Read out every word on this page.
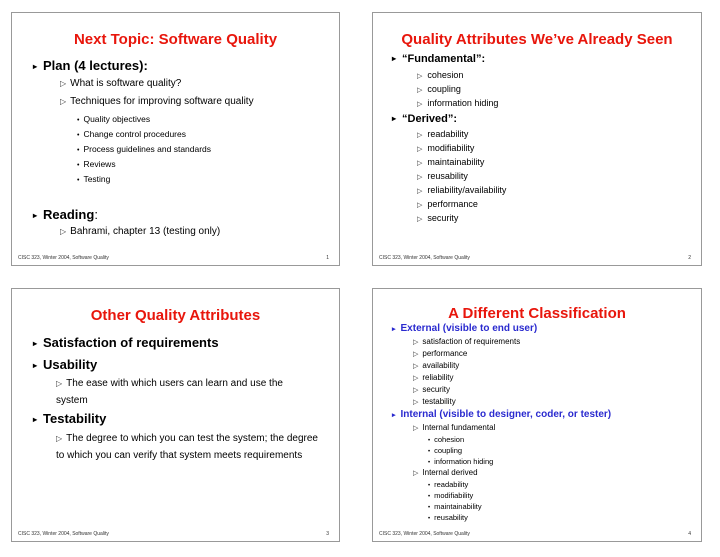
Next Topic: Software Quality
▸ Plan (4 lectures):
▷ What is software quality?
▷ Techniques for improving software quality
• Quality objectives
• Change control procedures
• Process guidelines and standards
• Reviews
• Testing
▸ Reading:
▷ Bahrami, chapter 13 (testing only)
CISC 323, Winter 2004, Software Quality	1
Quality Attributes We’ve Already Seen
▸ “Fundamental”:
▷ cohesion
▷ coupling
▷ information hiding
▸ “Derived”:
▷ readability
▷ modifiability
▷ maintainability
▷ reusability
▷ reliability/availability
▷ performance
▷ security
CISC 323, Winter 2004, Software Quality	2
Other Quality Attributes
▸ Satisfaction of requirements
▸ Usability
▷ The ease with which users can learn and use the system
▸ Testability
▷ The degree to which you can test the system; the degree to which you can verify that system meets requirements
CISC 323, Winter 2004, Software Quality	3
A Different Classification
▸ External (visible to end user)
▷ satisfaction of requirements
▷ performance
▷ availability
▷ reliability
▷ security
▷ testability
▸ Internal (visible to designer, coder, or tester)
▷ Internal fundamental
• cohesion
• coupling
• information hiding
▷ Internal derived
• readability
• modifiability
• maintainability
• reusability
CISC 323, Winter 2004, Software Quality	4
